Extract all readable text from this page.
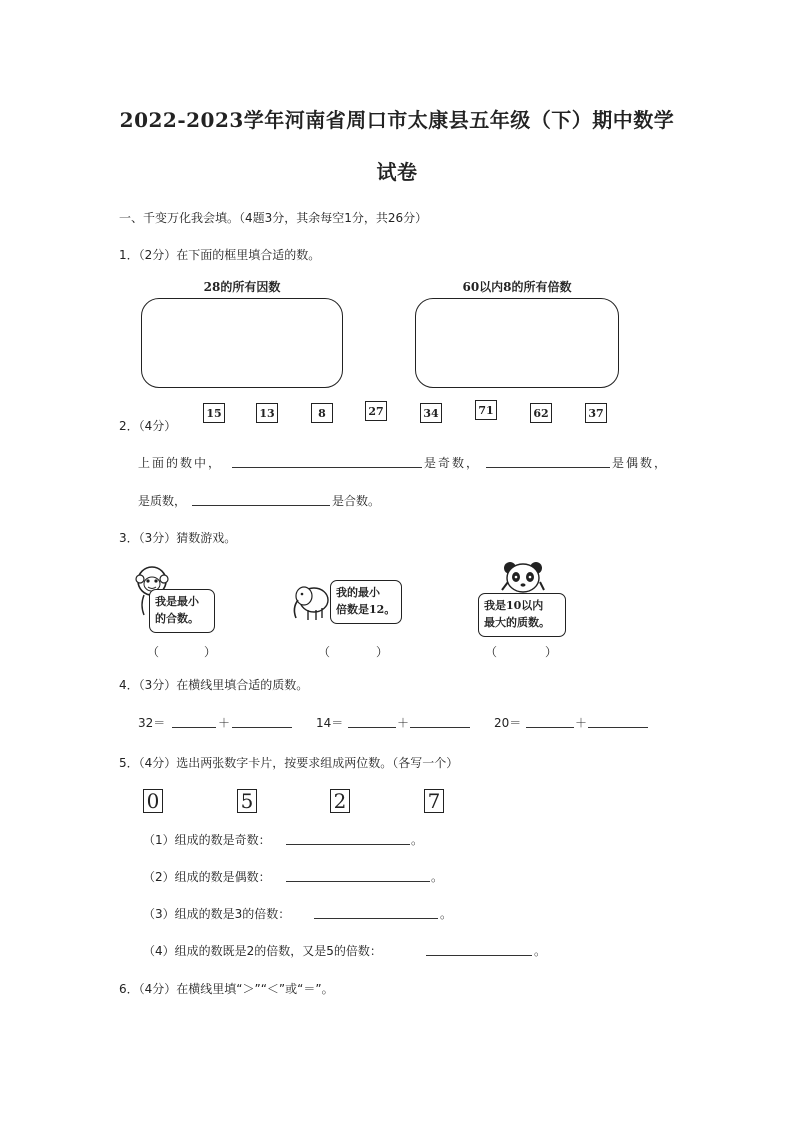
2022-2023学年河南省周口市太康县五年级（下）期中数学
试卷
一、千变万化我会填。（4题3分，其余每空1分，共26分）
1．（2分）在下面的框里填合适的数。
28的所有因数	60以内8的所有倍数
2．（4分）
15	13	8	27	34	71	62	37
上面的数中，	是奇数，	是偶数，
是质数，	是合数。
3．（3分）猜数游戏。
我是最小
的合数。
我的最小
倍数是12。	我是10以内
最大的质数。
（	）	（	）	（	）
4．（3分）在横线里填合适的质数。
32＝	＋	14＝	＋	20＝	＋
5．（4分）选出两张数字卡片，按要求组成两位数。（各写一个）
0	5	2	7
（1）组成的数是奇数：	。
（2）组成的数是偶数：	。
（3）组成的数是3的倍数：	。
（4）组成的数既是2的倍数，又是5的倍数：	。
6．（4分）在横线里填“＞”“＜”或“＝”。
